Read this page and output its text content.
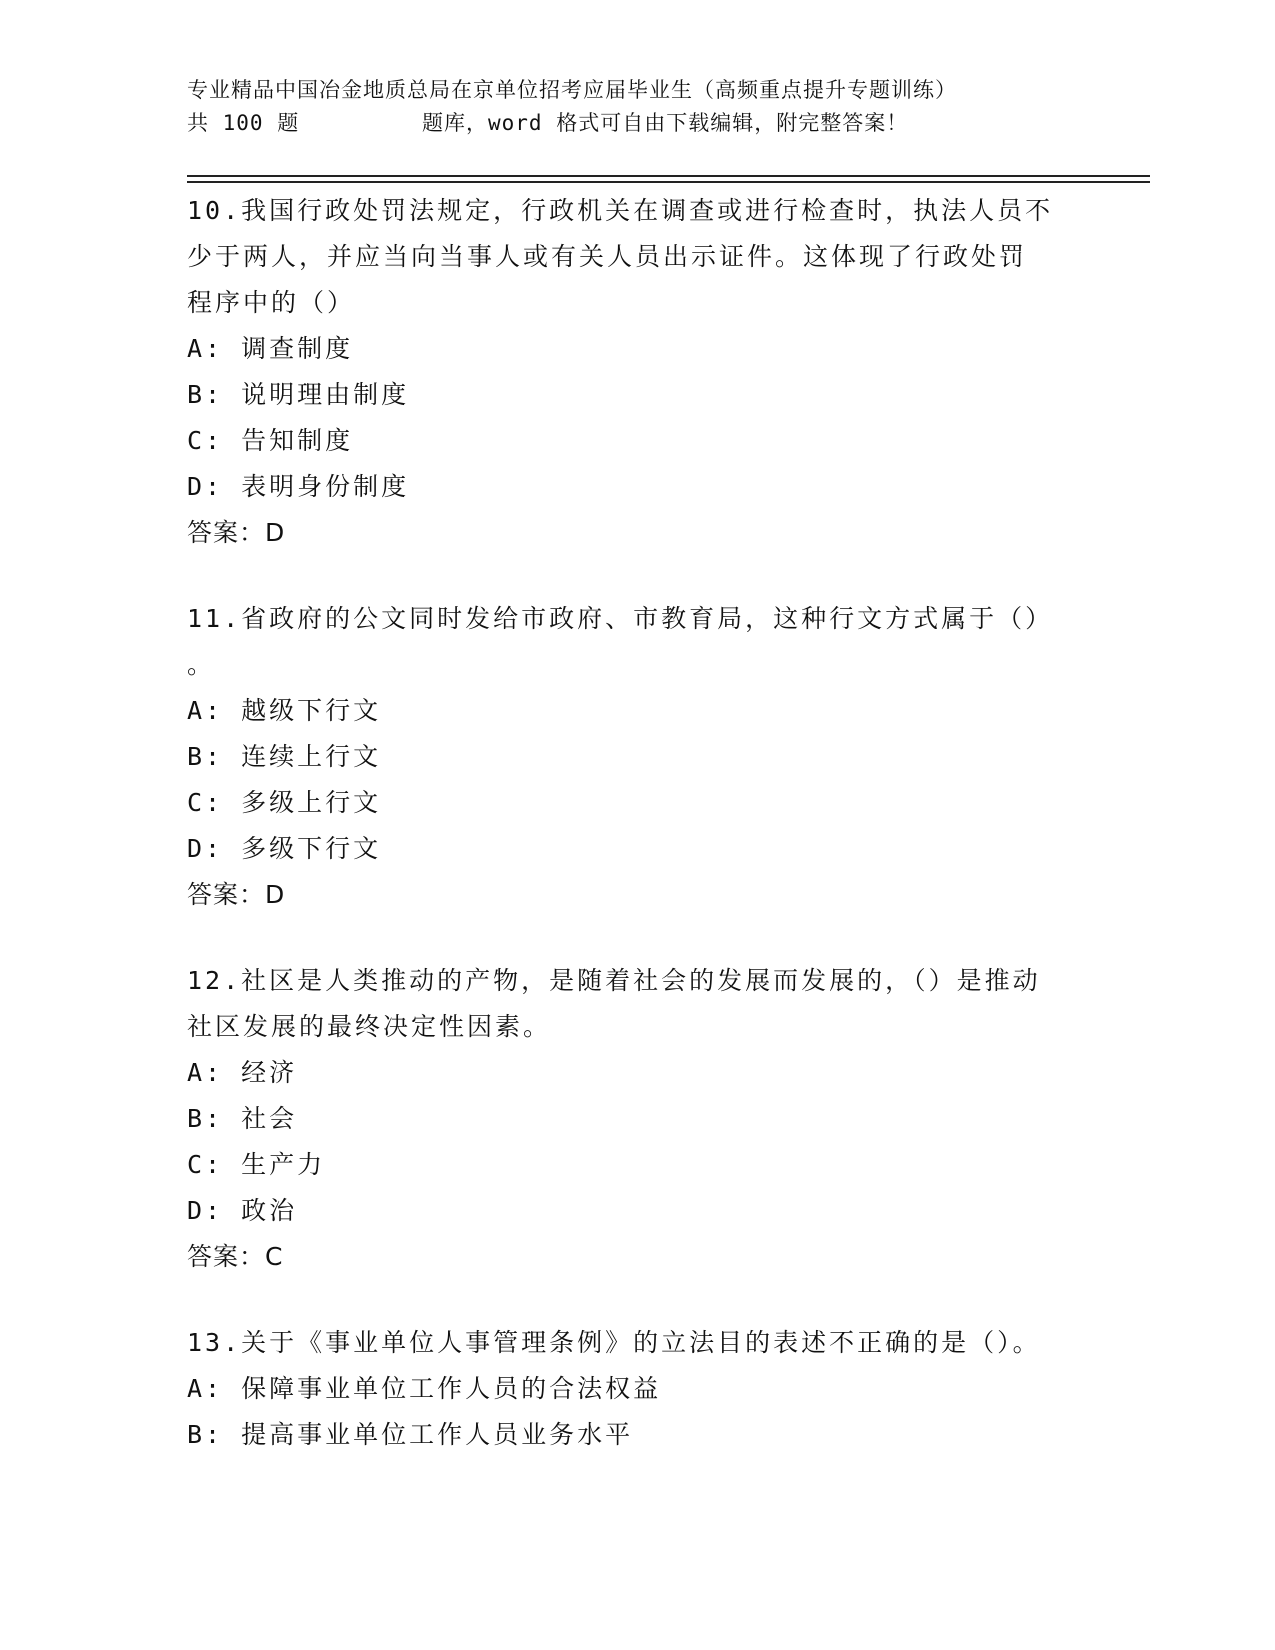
专业精品中国冶金地质总局在京单位招考应届毕业生（高频重点提升专题训练）
共 100 题         题库，word 格式可自由下载编辑，附完整答案！
10.我国行政处罚法规定，行政机关在调查或进行检查时，执法人员不
少于两人，并应当向当事人或有关人员出示证件。这体现了行政处罚
程序中的（）
A: 调查制度
B: 说明理由制度
C: 告知制度
D: 表明身份制度
答案：D
11.省政府的公文同时发给市政府、市教育局，这种行文方式属于（）
。
A: 越级下行文
B: 连续上行文
C: 多级上行文
D: 多级下行文
答案：D
12.社区是人类推动的产物，是随着社会的发展而发展的，（）是推动
社区发展的最终决定性因素。
A: 经济
B: 社会
C: 生产力
D: 政治
答案：C
13.关于《事业单位人事管理条例》的立法目的表述不正确的是（）。
A: 保障事业单位工作人员的合法权益
B: 提高事业单位工作人员业务水平
